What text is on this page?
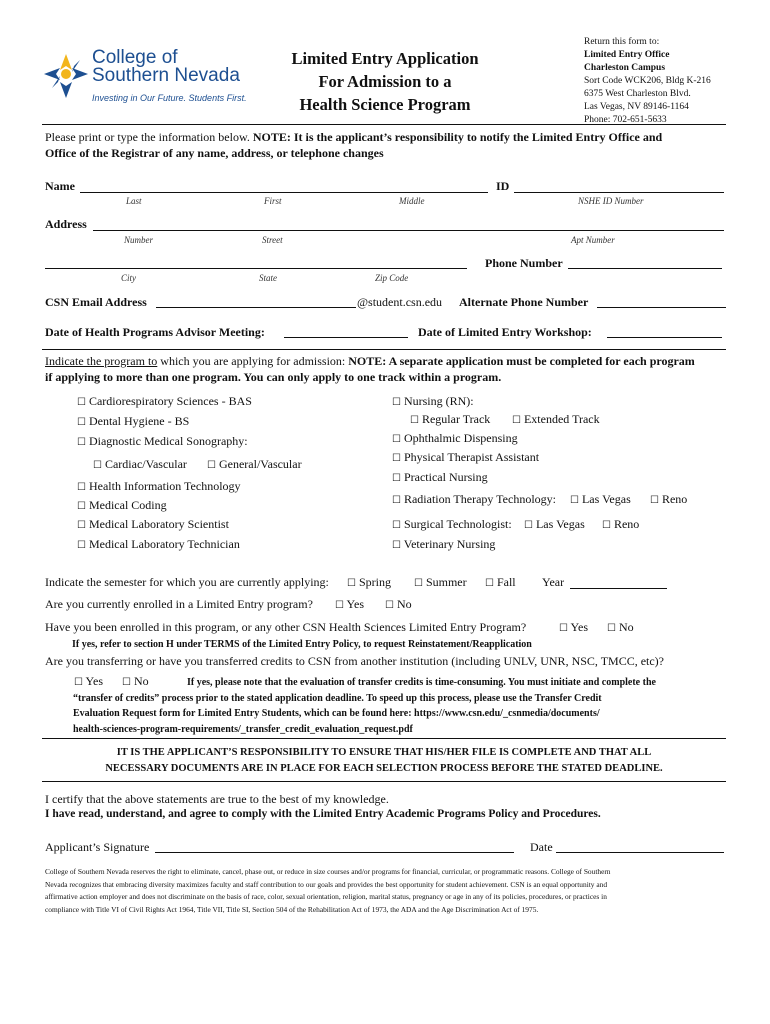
College of
Southern Nevada
Investing in Our Future. Students First.
Limited Entry Application
For Admission to a
Health Science Program
Return this form to:
Limited Entry Office
Charleston Campus
Sort Code WCK206, Bldg K-216
6375 West Charleston Blvd.
Las Vegas, NV 89146-1164
Phone: 702-651-5633
Please print or type the information below. NOTE: It is the applicant’s responsibility to notify the Limited Entry Office and
Office of the Registrar of any name, address, or telephone changes
Name	ID
Last	First	Middle	NSHE ID Number
Address
Number	Street	Apt Number
Phone Number
City	State	Zip Code
CSN Email Address	@student.csn.edu Alternate Phone Number
Date of Health Programs Advisor Meeting:	Date of Limited Entry Workshop:
Indicate the program to which you are applying for admission: NOTE: A separate application must be completed for each program
if applying to more than one program. You can only apply to one track within a program.
☐ Cardiorespiratory Sciences - BAS
☐ Dental Hygiene - BS
☐ Diagnostic Medical Sonography:
☐ Cardiac/Vascular ☐ General/Vascular
☐ Health Information Technology
☐ Medical Coding
☐ Medical Laboratory Scientist
☐ Medical Laboratory Technician
☐ Nursing (RN):
☐ Regular Track ☐ Extended Track
☐ Ophthalmic Dispensing
☐ Physical Therapist Assistant
☐ Practical Nursing
☐ Radiation Therapy Technology: ☐ Las Vegas ☐ Reno
☐ Surgical Technologist: ☐ Las Vegas ☐ Reno
☐ Veterinary Nursing
Indicate the semester for which you are currently applying: ☐ Spring ☐ Summer ☐ Fall Year
Are you currently enrolled in a Limited Entry program? ☐ Yes ☐ No
Have you been enrolled in this program, or any other CSN Health Sciences Limited Entry Program?	☐ Yes ☐ No
If yes, refer to section H under TERMS of the Limited Entry Policy, to request Reinstatement/Reapplication
Are you transferring or have you transferred credits to CSN from another institution (including UNLV, UNR, NSC, TMCC, etc)?
☐ Yes ☐ No	If yes, please note that the evaluation of transfer credits is time-consuming. You must initiate and complete the
“transfer of credits” process prior to the stated application deadline. To speed up this process, please use the Transfer Credit
Evaluation Request form for Limited Entry Students, which can be found here: https://www.csn.edu/_csnmedia/documents/
health-sciences-program-requirements/_transfer_credit_evaluation_request.pdf
IT IS THE APPLICANT’S RESPONSIBILITY TO ENSURE THAT HIS/HER FILE IS COMPLETE AND THAT ALL
NECESSARY DOCUMENTS ARE IN PLACE FOR EACH SELECTION PROCESS BEFORE THE STATED DEADLINE.
I certify that the above statements are true to the best of my knowledge.
I have read, understand, and agree to comply with the Limited Entry Academic Programs Policy and Procedures.
Applicant’s Signature	Date
College of Southern Nevada reserves the right to eliminate, cancel, phase out, or reduce in size courses and/or programs for financial, curricular, or programmatic reasons. College of Southern
Nevada recognizes that embracing diversity maximizes faculty and staff contribution to our goals and provides the best opportunity for student achievement. CSN is an equal opportunity and
affirmative action employer and does not discriminate on the basis of race, color, sexual orientation, religion, marital status, pregnancy or age in any of its policies, procedures, or practices in
compliance with Title VI of Civil Rights Act 1964, Title VII, Title SI, Section 504 of the Rehabilitation Act of 1973, the ADA and the Age Discrimination Act of 1975.
